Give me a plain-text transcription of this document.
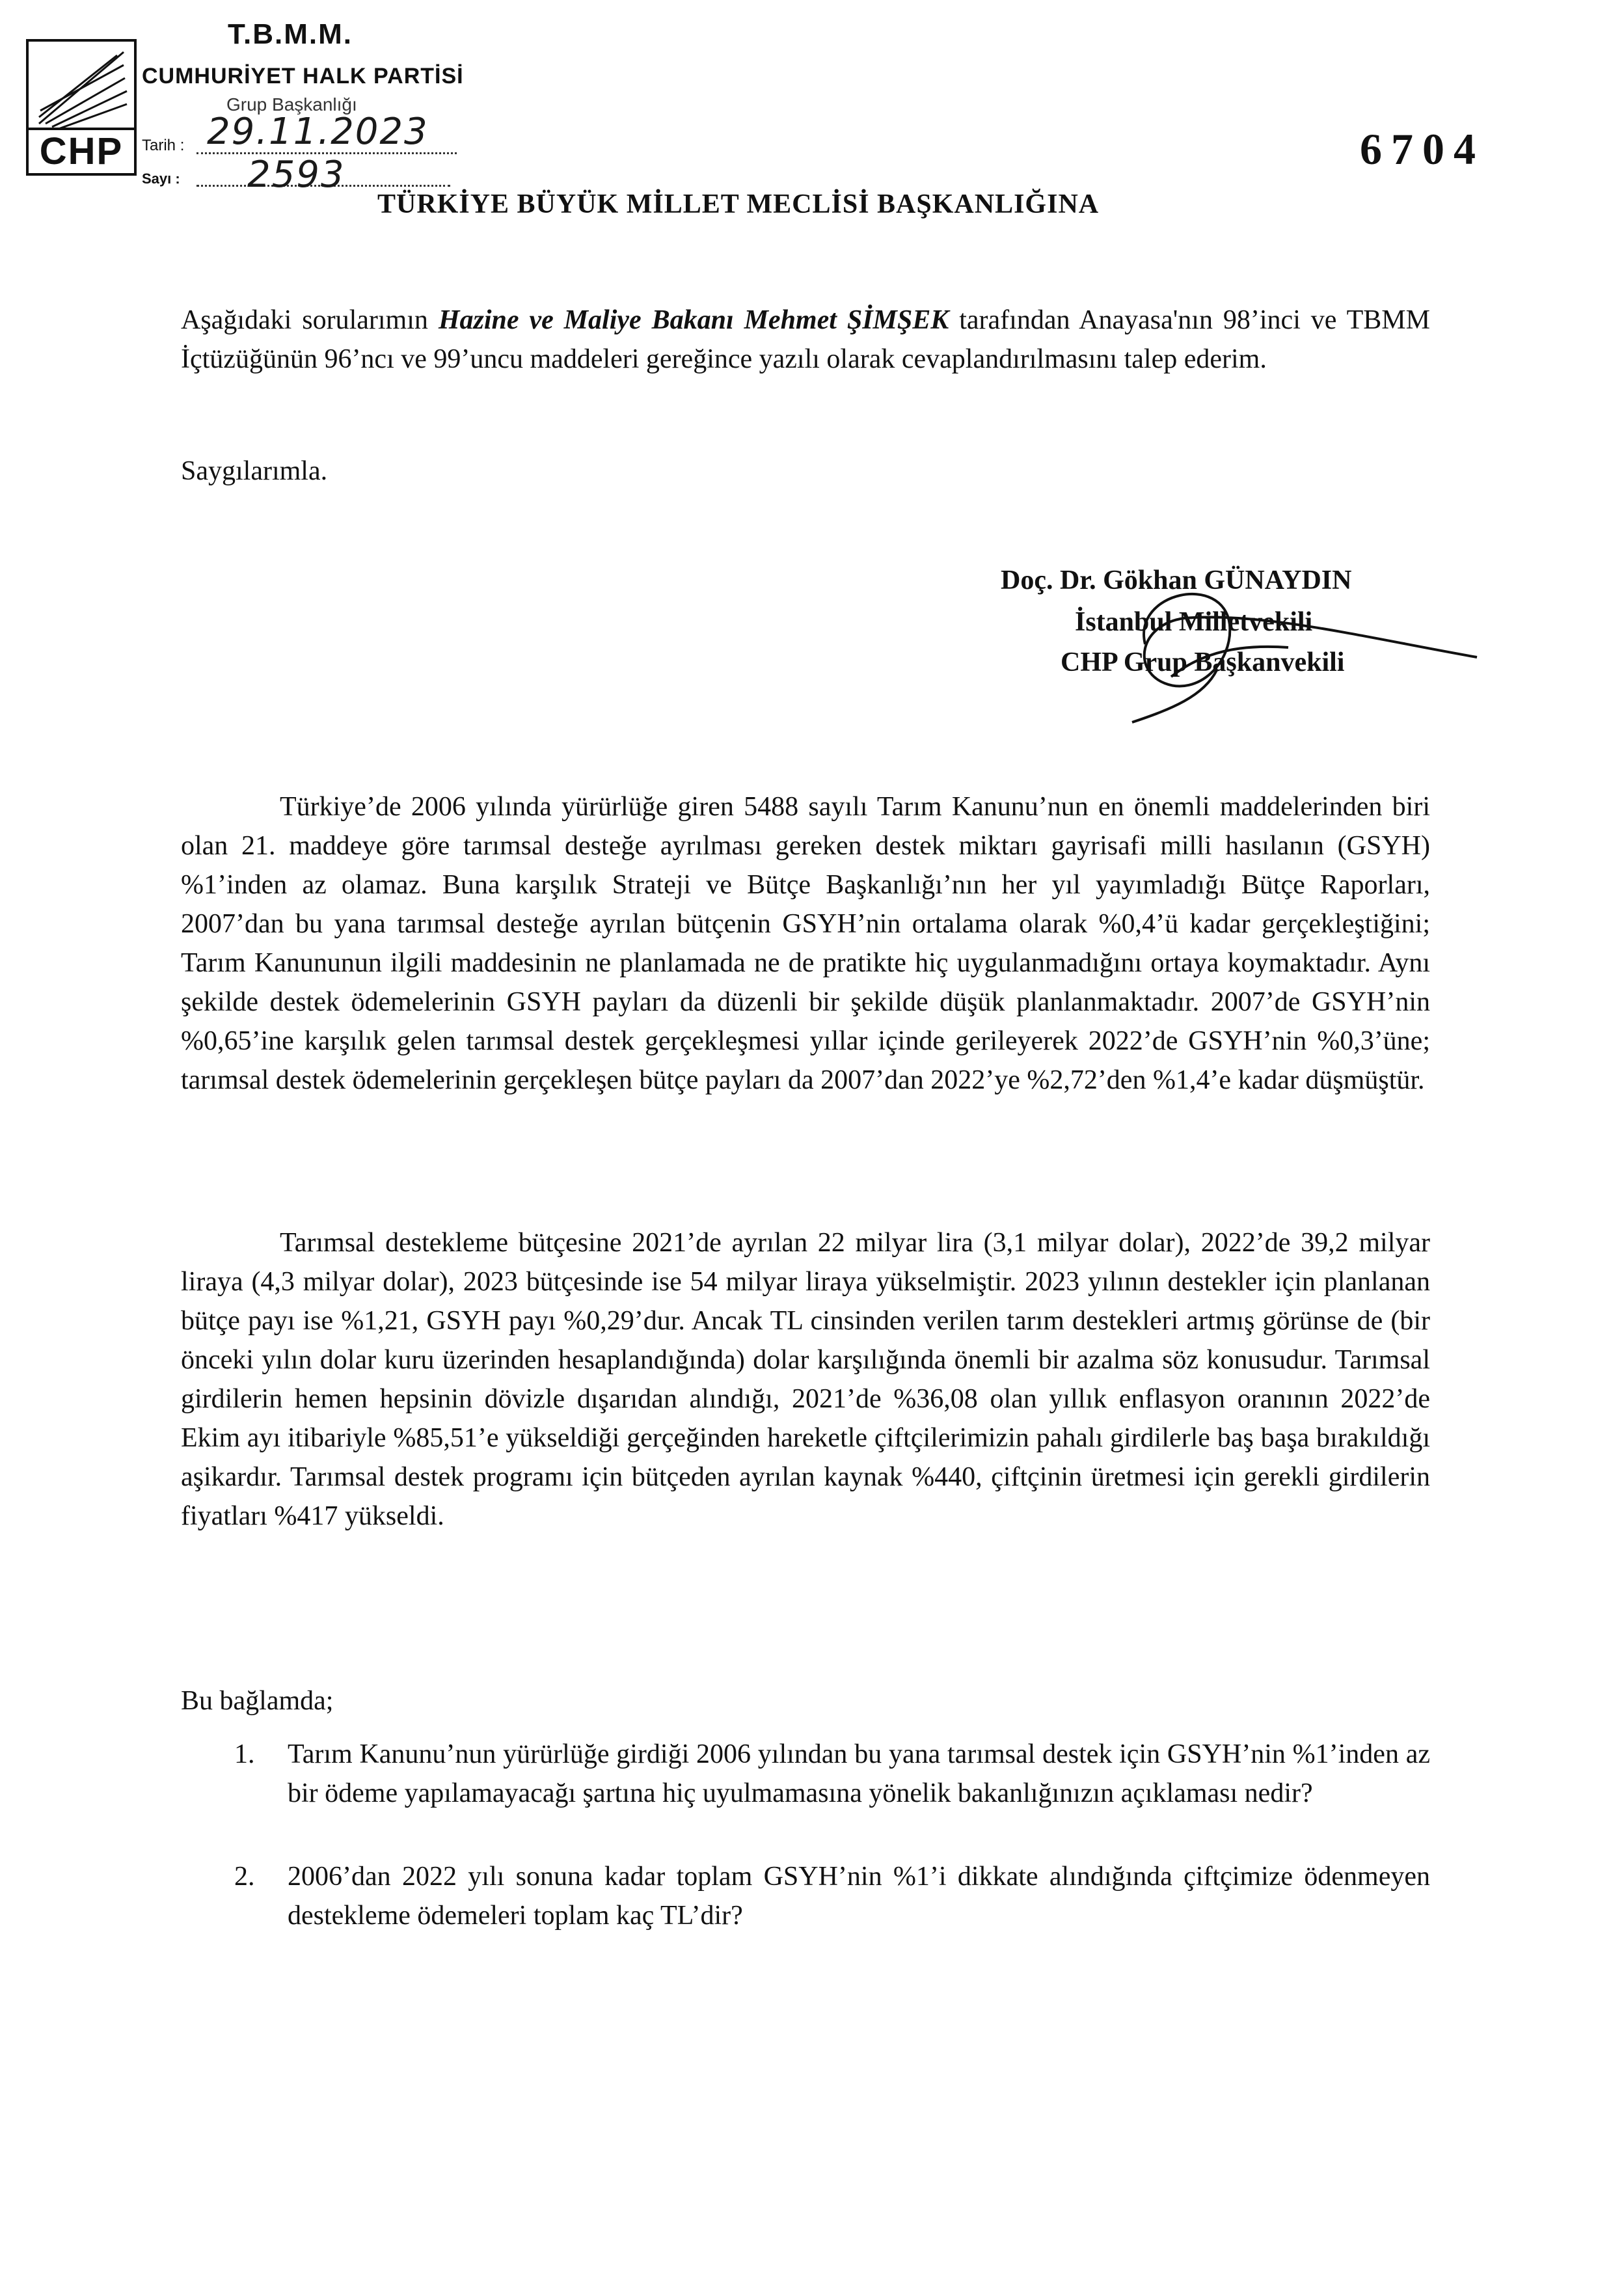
CHP
T.B.M.M.
CUMHURİYET HALK PARTİSİ
Grup Başkanlığı
Tarih : 29.11.2023
Sayı : 2593
6704
TÜRKİYE BÜYÜK MİLLET MECLİSİ BAŞKANLIĞINA
Aşağıdaki sorularımın Hazine ve Maliye Bakanı Mehmet ŞİMŞEK tarafından Anayasa'nın 98’inci ve TBMM İçtüzüğünün 96’ncı ve 99’uncu maddeleri gereğince yazılı olarak cevaplandırılmasını talep ederim.
Saygılarımla.
Doç. Dr. Gökhan GÜNAYDIN
İstanbul Milletvekili
CHP Grup Başkanvekili
Türkiye’de 2006 yılında yürürlüğe giren 5488 sayılı Tarım Kanunu’nun en önemli maddelerinden biri olan 21. maddeye göre tarımsal desteğe ayrılması gereken destek miktarı gayrisafi milli hasılanın (GSYH) %1’inden az olamaz. Buna karşılık Strateji ve Bütçe Başkanlığı’nın her yıl yayımladığı Bütçe Raporları, 2007’dan bu yana tarımsal desteğe ayrılan bütçenin GSYH’nin ortalama olarak %0,4’ü kadar gerçekleştiğini; Tarım Kanununun ilgili maddesinin ne planlamada ne de pratikte hiç uygulanmadığını ortaya koymaktadır. Aynı şekilde destek ödemelerinin GSYH payları da düzenli bir şekilde düşük planlanmaktadır. 2007’de GSYH’nin %0,65’ine karşılık gelen tarımsal destek gerçekleşmesi yıllar içinde gerileyerek 2022’de GSYH’nin %0,3’üne; tarımsal destek ödemelerinin gerçekleşen bütçe payları da 2007’dan 2022’ye %2,72’den %1,4’e kadar düşmüştür.
Tarımsal destekleme bütçesine 2021’de ayrılan 22 milyar lira (3,1 milyar dolar), 2022’de 39,2 milyar liraya (4,3 milyar dolar), 2023 bütçesinde ise 54 milyar liraya yükselmiştir. 2023 yılının destekler için planlanan bütçe payı ise %1,21, GSYH payı %0,29’dur. Ancak TL cinsinden verilen tarım destekleri artmış görünse de (bir önceki yılın dolar kuru üzerinden hesaplandığında) dolar karşılığında önemli bir azalma söz konusudur. Tarımsal girdilerin hemen hepsinin dövizle dışarıdan alındığı, 2021’de %36,08 olan yıllık enflasyon oranının 2022’de Ekim ayı itibariyle %85,51’e yükseldiği gerçeğinden hareketle çiftçilerimizin pahalı girdilerle baş başa bırakıldığı aşikardır. Tarımsal destek programı için bütçeden ayrılan kaynak %440, çiftçinin üretmesi için gerekli girdilerin fiyatları %417 yükseldi.
Bu bağlamda;
1. Tarım Kanunu’nun yürürlüğe girdiği 2006 yılından bu yana tarımsal destek için GSYH’nin %1’inden az bir ödeme yapılamayacağı şartına hiç uyulmamasına yönelik bakanlığınızın açıklaması nedir?
2. 2006’dan 2022 yılı sonuna kadar toplam GSYH’nin %1’i dikkate alındığında çiftçimize ödenmeyen destekleme ödemeleri toplam kaç TL’dir?
